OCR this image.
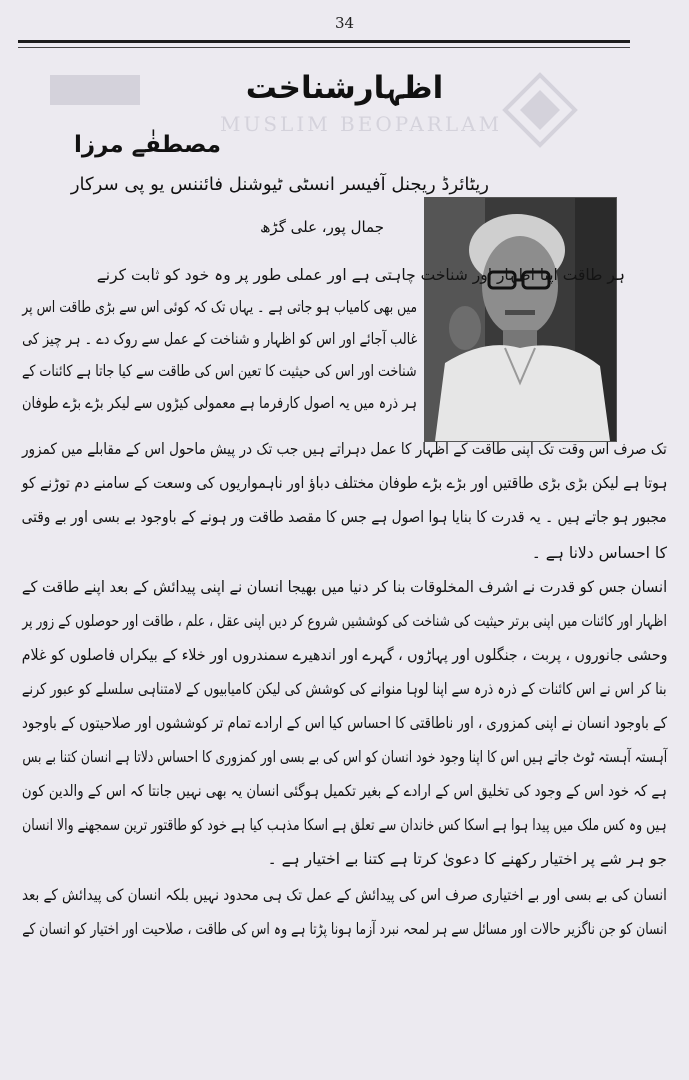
34
MUSLIM BEOPARLAM
اظہارشناخت
مصطفٰے مرزا
ریٹائرڈ ریجنل آفیسر انسٹی ٹیوشنل فائننس یو پی سرکار
جمال پور، علی گڑھ
ہر طاقت اپنا اظہار اور شناخت چاہتی ہے اور عملی طور پر وہ خود کو ثابت کرنے
میں بھی کامیاب ہو جاتی ہے ۔ یہاں تک کہ کوئی اس سے بڑی طاقت اس پر
غالب آجائے اور اس کو اظہار و شناخت کے عمل سے روک دے ۔ ہر چیز کی
شناخت اور اس کی حیثیت کا تعین اس کی طاقت سے کیا جاتا ہے کائنات کے
ہر ذرہ میں یہ اصول کارفرما ہے معمولی کیڑوں سے لیکر بڑے بڑے طوفان
تک صرف اس وقت تک اپنی طاقت کے اظہار کا عمل دہراتے ہیں جب تک در پیش ماحول اس کے مقابلے میں کمزور
ہوتا ہے لیکن بڑی بڑی طاقتیں اور بڑے بڑے طوفان مختلف دباؤ اور ناہمواریوں کی وسعت کے سامنے دم توڑنے کو
مجبور ہو جاتے ہیں ۔ یہ قدرت کا بنایا ہوا اصول ہے جس کا مقصد طاقت ور ہونے کے باوجود بے بسی اور بے وقتی
کا احساس دلانا ہے ۔
انسان جس کو قدرت نے اشرف المخلوقات بنا کر دنیا میں بھیجا انسان نے اپنی پیدائش کے بعد اپنے طاقت کے
اظہار اور کائنات میں اپنی برتر حیثیت کی شناخت کی کوششیں شروع کر دیں اپنی عقل ، علم ، طاقت اور حوصلوں کے زور پر
وحشی جانوروں ، پربت ، جنگلوں اور پہاڑوں ، گہرے اور اندھیرے سمندروں اور خلاء کے بیکراں فاصلوں کو غلام
بنا کر اس نے اس کائنات کے ذرہ ذرہ سے اپنا لوہا منوانے کی کوشش کی لیکن کامیابیوں کے لامتناہی سلسلے کو عبور کرنے
کے باوجود انسان نے اپنی کمزوری ، اور ناطاقتی کا احساس کیا اس کے ارادے تمام تر کوششوں اور صلاحیتوں کے باوجود
آہستہ آہستہ ٹوٹ جاتے ہیں اس کا اپنا وجود خود انسان کو اس کی بے بسی اور کمزوری کا احساس دلاتا ہے انسان کتنا بے بس
ہے کہ خود اس کے وجود کی تخلیق اس کے ارادے کے بغیر تکمیل ہوگئی انسان یہ بھی نہیں جانتا کہ اس کے والدین کون
ہیں وہ کس ملک میں پیدا ہوا ہے اسکا کس خاندان سے تعلق ہے اسکا مذہب کیا ہے خود کو طاقتور ترین سمجھنے والا انسان
جو ہر شے پر اختیار رکھنے کا دعویٰ کرتا ہے کتنا بے اختیار ہے ۔
انسان کی بے بسی اور بے اختیاری صرف اس کی پیدائش کے عمل تک ہی محدود نہیں بلکہ انسان کی پیدائش کے بعد
انسان کو جن ناگزیر حالات اور مسائل سے ہر لمحہ نبرد آزما ہونا پڑتا ہے وہ اس کی طاقت ، صلاحیت اور اختیار کو انسان کے
